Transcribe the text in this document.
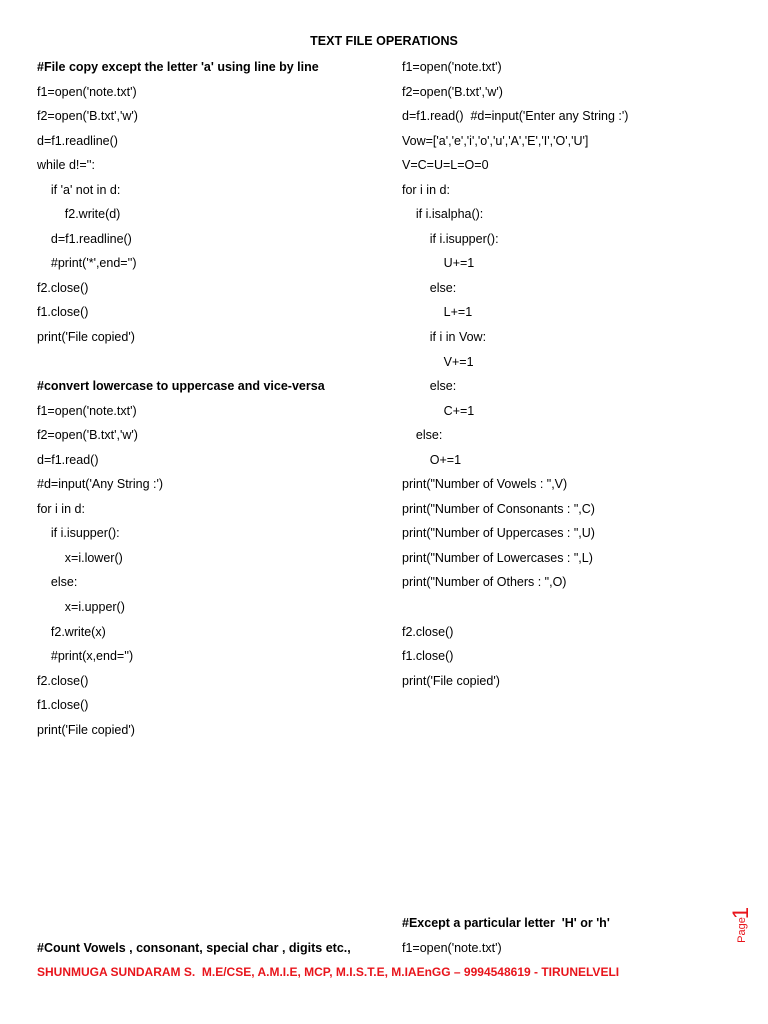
TEXT FILE OPERATIONS
#File copy except the letter 'a' using line by line
f1=open('note.txt')
f2=open('B.txt','w')
d=f1.readline()
while d!='':
if 'a' not in d:
f2.write(d)
d=f1.readline()
#print('*',end='')
f2.close()
f1.close()
print('File copied')
#convert lowercase to uppercase and vice-versa
f1=open('note.txt')
f2=open('B.txt','w')
d=f1.read()
#d=input('Any String :')
for i in d:
if i.isupper():
x=i.lower()
else:
x=i.upper()
f2.write(x)
#print(x,end='')
f2.close()
f1.close()
print('File copied')
f1=open('note.txt')
f2=open('B.txt','w')
d=f1.read()  #d=input('Enter any String :')
Vow=['a','e','i','o','u','A','E','I','O','U']
V=C=U=L=O=0
for i in d:
if i.isalpha():
if i.isupper():
U+=1
else:
L+=1
if i in Vow:
V+=1
else:
C+=1
else:
O+=1
print("Number of Vowels : ",V)
print("Number of Consonants : ",C)
print("Number of Uppercases : ",U)
print("Number of Lowercases : ",L)
print("Number of Others : ",O)
f2.close()
f1.close()
print('File copied')
#Except a particular letter  'H' or 'h'
#Count Vowels , consonant, special char , digits etc.,	f1=open('note.txt')
SHUNMUGA SUNDARAM S.  M.E/CSE, A.M.I.E, MCP, M.I.S.T.E, M.IAEnGG – 9994548619 - TIRUNELVELI
1
Page
